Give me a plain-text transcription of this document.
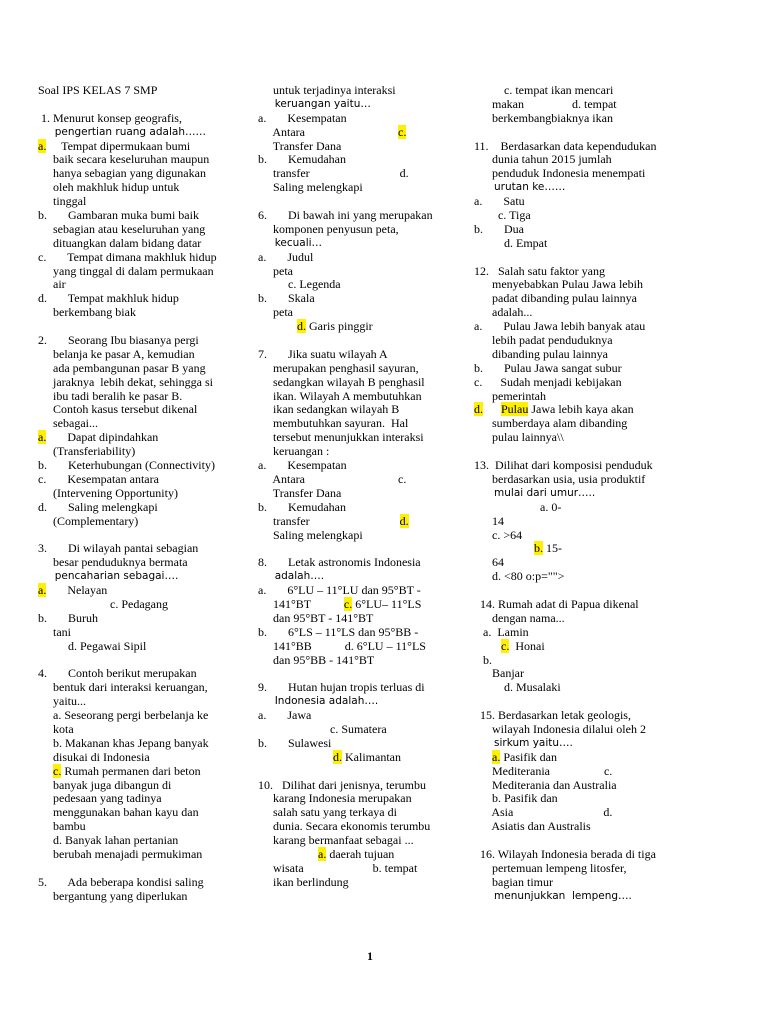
Soal IPS KELAS 7 SMP
1. Menurut konsep geografis,
pengertian ruang adalah……
a.     Tempat dipermukaan bumi
baik secara keseluruhan maupun
hanya sebagian yang digunakan
oleh makhluk hidup untuk
tinggal
b.       Gambaran muka bumi baik
sebagian atau keseluruhan yang
dituangkan dalam bidang datar
c.       Tempat dimana makhluk hidup
yang tinggal di dalam permukaan
air
d.       Tempat makhluk hidup
berkembang biak
2.       Seorang Ibu biasanya pergi
belanja ke pasar A, kemudian
ada pembangunan pasar B yang
jaraknya  lebih dekat, sehingga si
ibu tadi beralih ke pasar B.
Contoh kasus tersebut dikenal
sebagai...
a.       Dapat dipindahkan
(Transferiability)
b.       Keterhubungan (Connectivity)
c.       Kesempatan antara
(Intervening Opportunity)
d.       Saling melengkapi
(Complementary)
3.       Di wilayah pantai sebagian
besar penduduknya bermata
pencaharian sebagai….
a.       Nelayan
c. Pedagang
b.       Buruh
tani
d. Pegawai Sipil
4.       Contoh berikut merupakan
bentuk dari interaksi keruangan,
yaitu...
a. Seseorang pergi berbelanja ke
kota
b. Makanan khas Jepang banyak
disukai di Indonesia
c. Rumah permanen dari beton
banyak juga dibangun di
pedesaan yang tadinya
menggunakan bahan kayu dan
bambu
d. Banyak lahan pertanian
berubah menajadi permukiman
5.       Ada beberapa kondisi saling
bergantung yang diperlukan
untuk terjadinya interaksi
keruangan yaitu…
a.       Kesempatan
Antara                               c.
Transfer Dana
b.       Kemudahan
transfer                              d.
Saling melengkapi
6.       Di bawah ini yang merupakan
komponen penyusun peta,
kecuali…
a.       Judul
peta
c. Legenda
b.       Skala
peta
d. Garis pinggir
7.       Jika suatu wilayah A
merupakan penghasil sayuran,
sedangkan wilayah B penghasil
ikan. Wilayah A membutuhkan
ikan sedangkan wilayah B
membutuhkan sayuran.  Hal
tersebut menunjukkan interaksi
keruangan :
a.       Kesempatan
Antara                               c.
Transfer Dana
b.       Kemudahan
transfer                              d.
Saling melengkapi
8.       Letak astronomis Indonesia
adalah….
a.       6°LU – 11°LU dan 95°BT -
141°BT           c. 6°LU– 11°LS
dan 95°BT - 141°BT
b.       6°LS – 11°LS dan 95°BB -
141°BB           d. 6°LU – 11°LS
dan 95°BB - 141°BT
9.       Hutan hujan tropis terluas di
Indonesia adalah….
a.       Jawa
c. Sumatera
b.       Sulawesi
d. Kalimantan
10.   Dilihat dari jenisnya, terumbu
karang Indonesia merupakan
salah satu yang terkaya di
dunia. Secara ekonomis terumbu
karang bermanfaat sebagai ...
a. daerah tujuan
wisata                       b. tempat
ikan berlindung
c. tempat ikan mencari
makan                d. tempat
berkembangbiaknya ikan
11.    Berdasarkan data kependudukan
dunia tahun 2015 jumlah
penduduk Indonesia menempati
urutan ke……
a.       Satu
c. Tiga
b.       Dua
d. Empat
12.   Salah satu faktor yang
menyebabkan Pulau Jawa lebih
padat dibanding pulau lainnya
adalah...
a.       Pulau Jawa lebih banyak atau
lebih padat penduduknya
dibanding pulau lainnya
b.       Pulau Jawa sangat subur
c.      Sudah menjadi kebijakan
pemerintah
d. Pulau Jawa lebih kaya akan
sumberdaya alam dibanding
pulau lainnya\\
13.  Dilihat dari komposisi penduduk
berdasarkan usia, usia produktif
mulai dari umur…..
a. 0-
14
c. >64
b. 15-
64
d. <80 o:p="">
14. Rumah adat di Papua dikenal
dengan nama...
a.  Lamin
c.  Honai
b.
Banjar
d. Musalaki
15. Berdasarkan letak geologis,
wilayah Indonesia dilalui oleh 2
sirkum yaitu….
a. Pasifik dan
Mediterania                  c.
Mediterania dan Australia
b. Pasifik dan
Asia                              d.
Asiatis dan Australis
16. Wilayah Indonesia berada di tiga
pertemuan lempeng litosfer,
bagian timur
menunjukkan  lempeng….
1
